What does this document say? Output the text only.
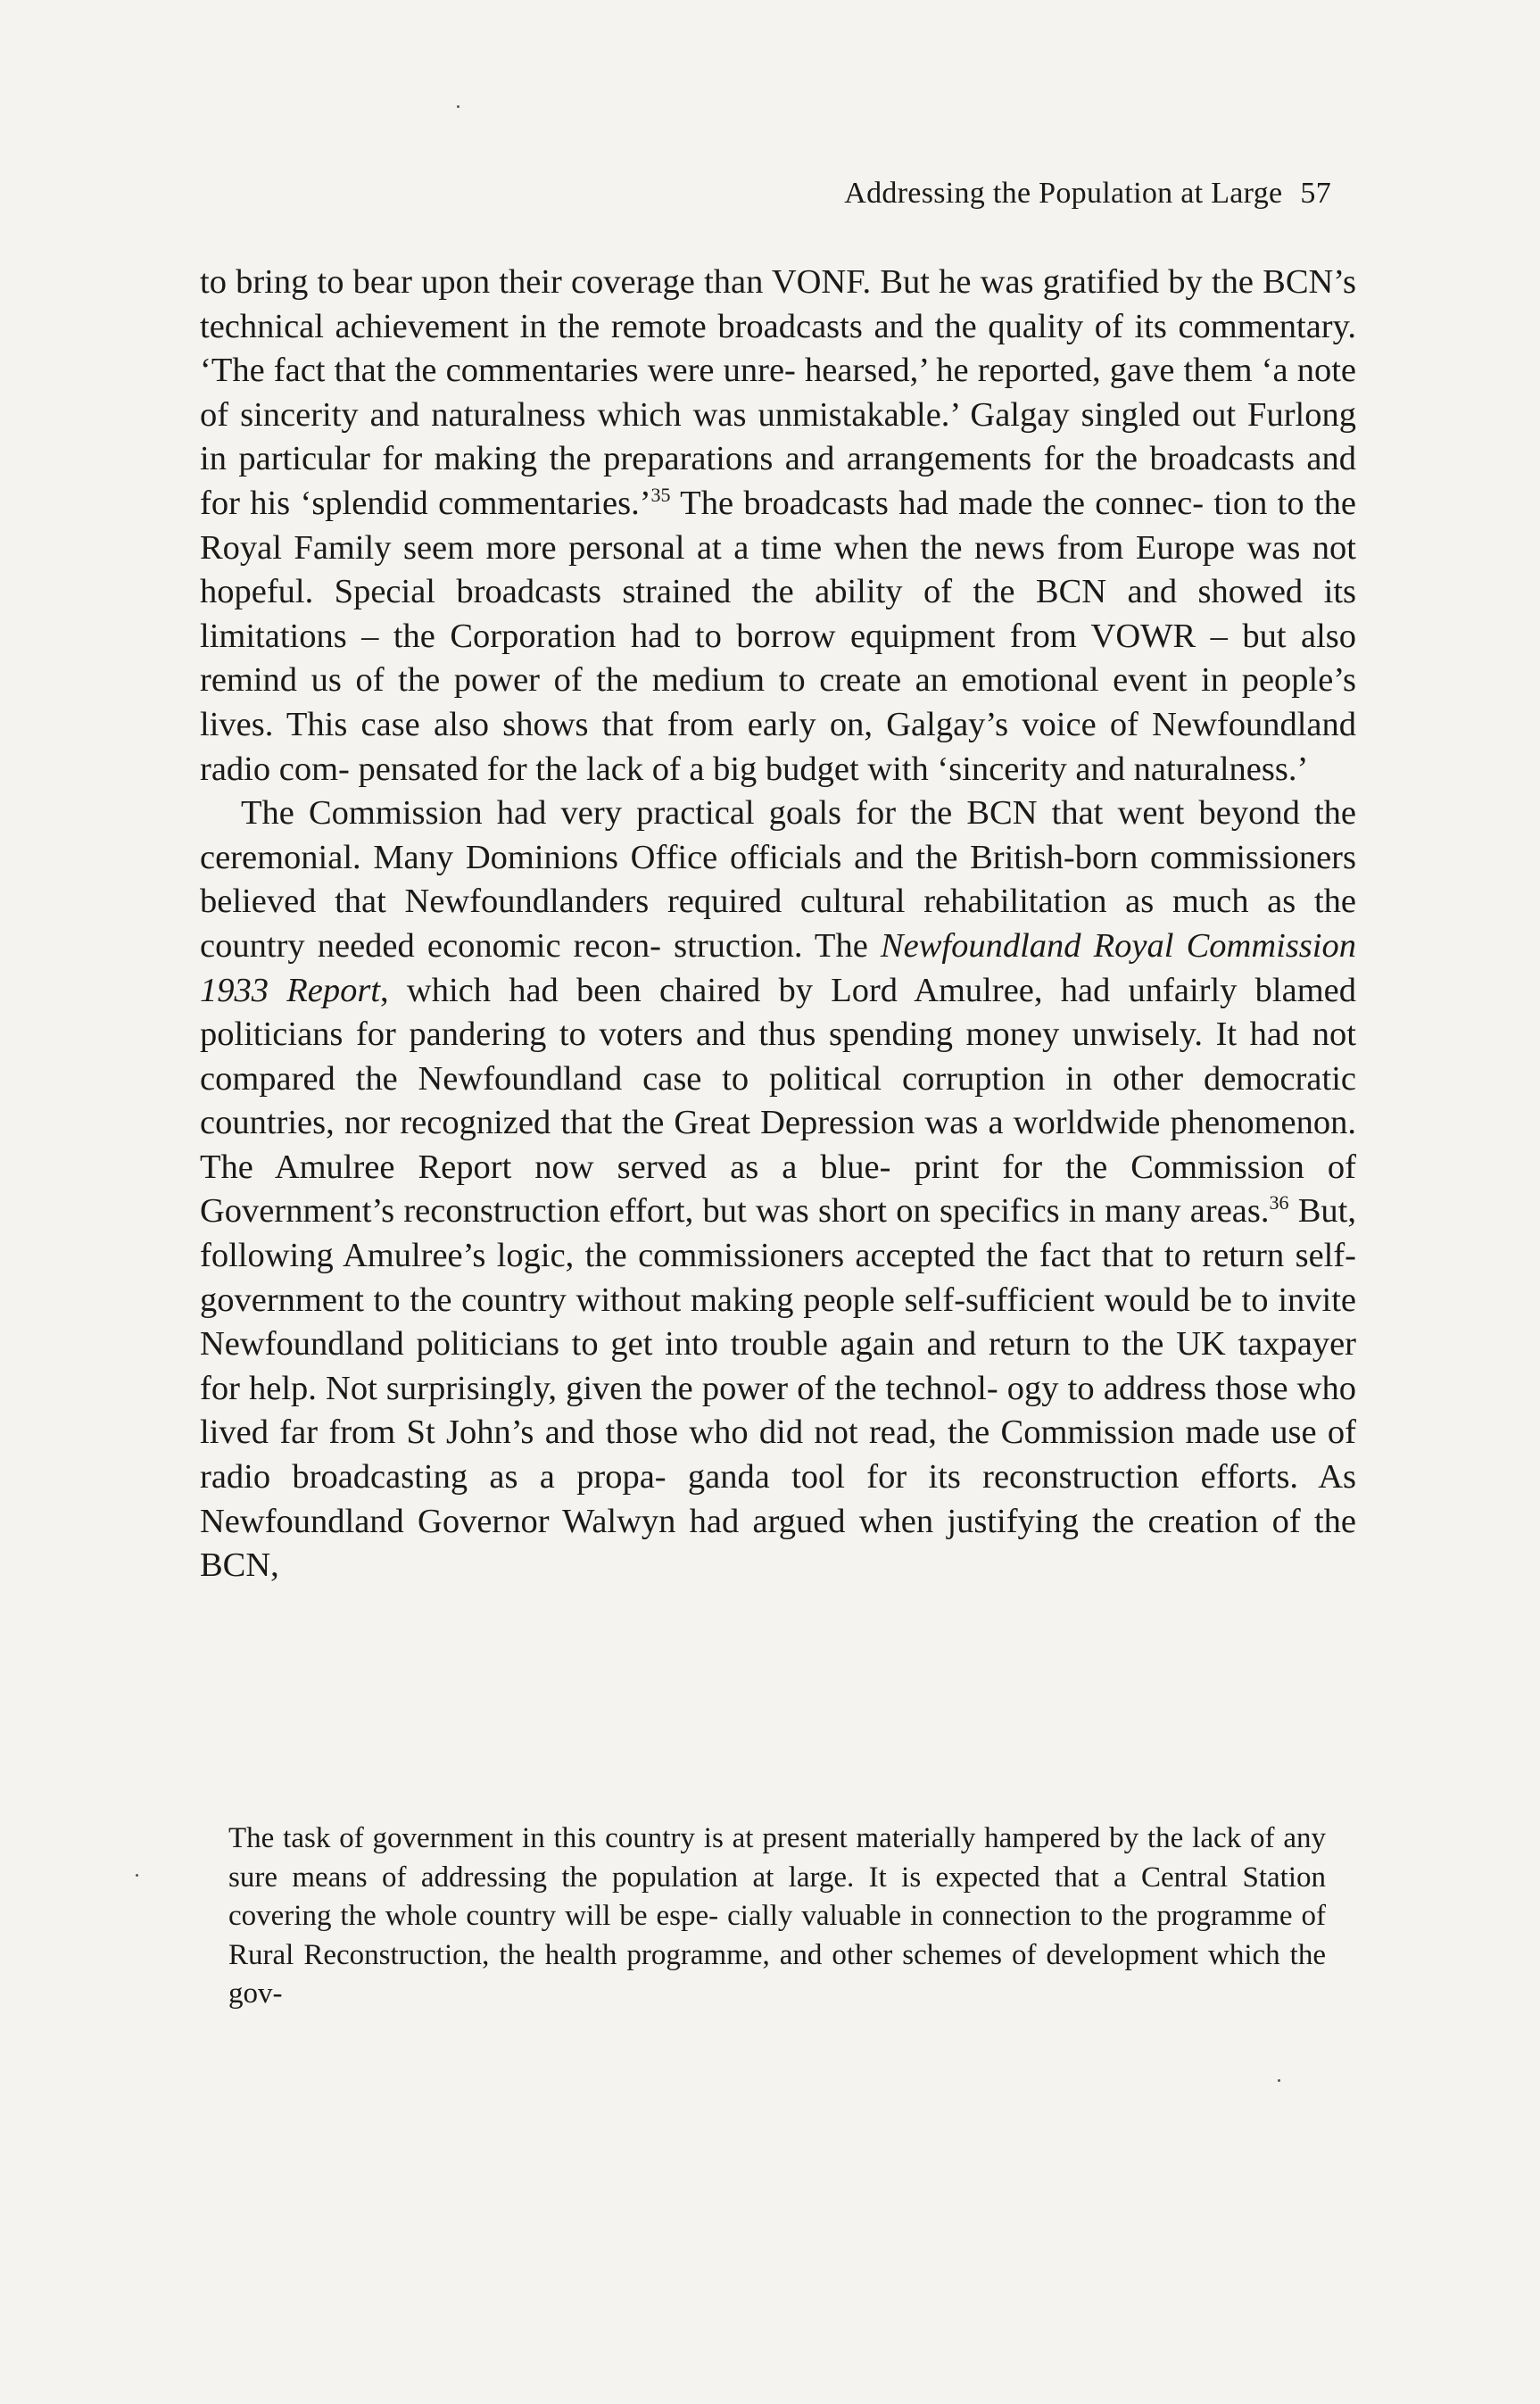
Addressing the Population at Large 57

to bring to bear upon their coverage than VONF. But he was gratified by the BCN’s technical achievement in the remote broadcasts and the quality of its commentary. ‘The fact that the commentaries were unre- hearsed,’ he reported, gave them ‘a note of sincerity and naturalness which was unmistakable.’ Galgay singled out Furlong in particular for making the preparations and arrangements for the broadcasts and for his ‘splendid commentaries.’$^{35}$ The broadcasts had made the connec- tion to the Royal Family seem more personal at a time when the news from Europe was not hopeful. Special broadcasts strained the ability of the BCN and showed its limitations – the Corporation had to borrow equipment from VOWR – but also remind us of the power of the medium to create an emotional event in people’s lives. This case also shows that from early on, Galgay’s voice of Newfoundland radio com- pensated for the lack of a big budget with ‘sincerity and naturalness.’

The Commission had very practical goals for the BCN that went beyond the ceremonial. Many Dominions Office officials and the British-born commissioners believed that Newfoundlanders required cultural rehabilitation as much as the country needed economic recon- struction. The Newfoundland Royal Commission 1933 Report, which had been chaired by Lord Amulree, had unfairly blamed politicians for pandering to voters and thus spending money unwisely. It had not compared the Newfoundland case to political corruption in other democratic countries, nor recognized that the Great Depression was a worldwide phenomenon. The Amulree Report now served as a blue- print for the Commission of Government’s reconstruction effort, but was short on specifics in many areas.$^{36}$ But, following Amulree’s logic, the commissioners accepted the fact that to return self-government to the country without making people self-sufficient would be to invite Newfoundland politicians to get into trouble again and return to the UK taxpayer for help. Not surprisingly, given the power of the technol- ogy to address those who lived far from St John’s and those who did not read, the Commission made use of radio broadcasting as a propa- ganda tool for its reconstruction efforts. As Newfoundland Governor Walwyn had argued when justifying the creation of the BCN,

The task of government in this country is at present materially hampered by the lack of any sure means of addressing the population at large. It is expected that a Central Station covering the whole country will be espe- cially valuable in connection to the programme of Rural Reconstruction, the health programme, and other schemes of development which the gov-
